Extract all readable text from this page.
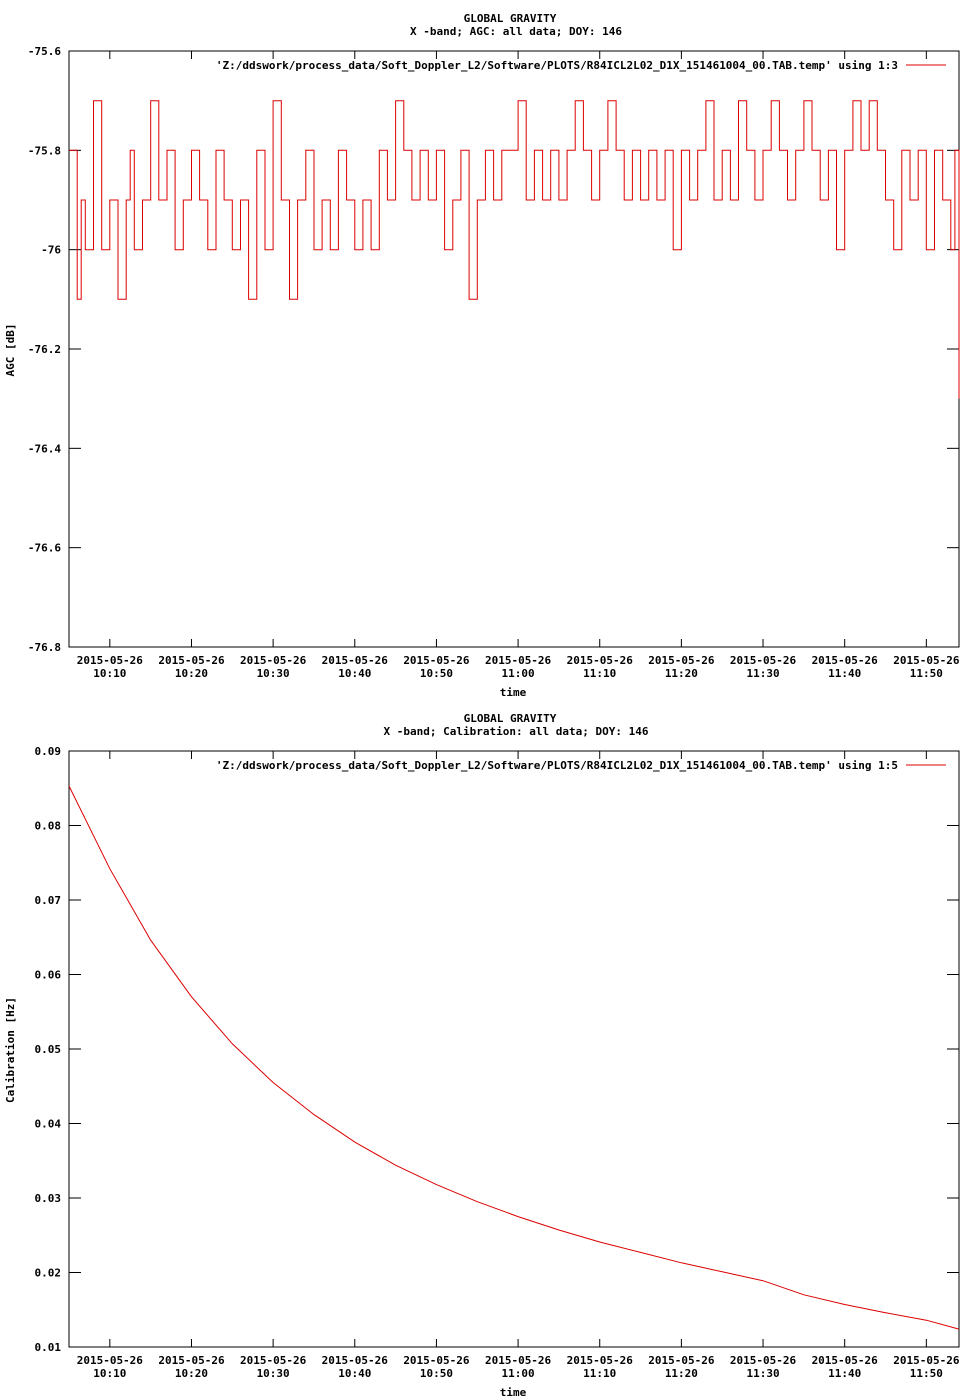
GLOBAL GRAVITY
X -band; AGC: all data; DOY: 146
AGC [dB]
time
'Z:/ddswork/process_data/Soft_Doppler_L2/Software/PLOTS/R84ICL2L02_D1X_151461004_00.TAB.temp' using 1:3
-75.6
-75.8
-76
-76.2
-76.4
-76.6
-76.8
2015-05-26
10:10
2015-05-26
10:20
2015-05-26
10:30
2015-05-26
10:40
2015-05-26
10:50
2015-05-26
11:00
2015-05-26
11:10
2015-05-26
11:20
2015-05-26
11:30
2015-05-26
11:40
2015-05-26
11:50
GLOBAL GRAVITY
X -band; Calibration: all data; DOY: 146
Calibration [Hz]
time
'Z:/ddswork/process_data/Soft_Doppler_L2/Software/PLOTS/R84ICL2L02_D1X_151461004_00.TAB.temp' using 1:5
0.09
0.08
0.07
0.06
0.05
0.04
0.03
0.02
0.01
2015-05-26
10:10
2015-05-26
10:20
2015-05-26
10:30
2015-05-26
10:40
2015-05-26
10:50
2015-05-26
11:00
2015-05-26
11:10
2015-05-26
11:20
2015-05-26
11:30
2015-05-26
11:40
2015-05-26
11:50
